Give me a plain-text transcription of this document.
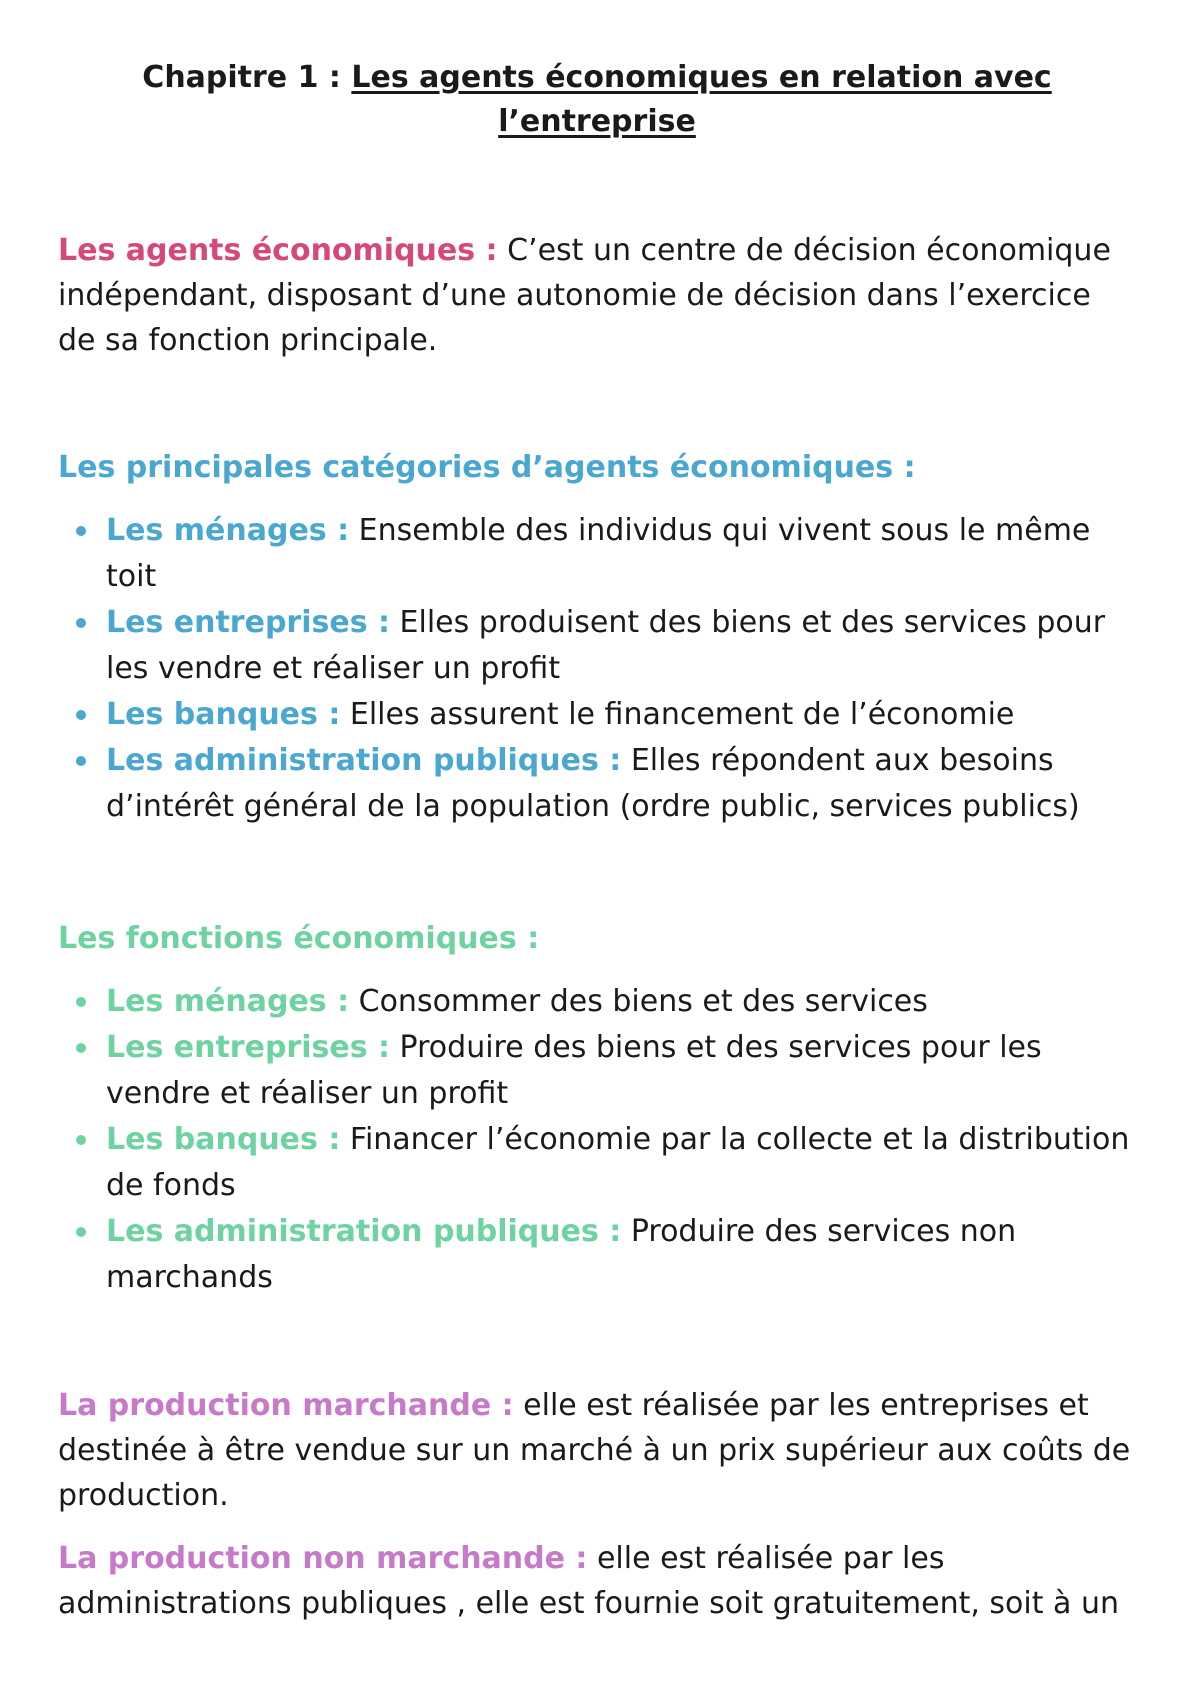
Chapitre 1 : Les agents économiques en relation avec l’entreprise

Les agents économiques : C’est un centre de décision économique indépendant, disposant d’une autonomie de décision dans l’exercice de sa fonction principale.

Les principales catégories d’agents économiques :
Les ménages : Ensemble des individus qui vivent sous le même toit
Les entreprises : Elles produisent des biens et des services pour les vendre et réaliser un profit
Les banques : Elles assurent le financement de l’économie
Les administration publiques : Elles répondent aux besoins d’intérêt général de la population (ordre public, services publics)
Les fonctions économiques :
Les ménages : Consommer des biens et des services
Les entreprises : Produire des biens et des services pour les vendre et réaliser un profit
Les banques : Financer l’économie par la collecte et la distribution de fonds
Les administration publiques : Produire des services non marchands

La production marchande : elle est réalisée par les entreprises et destinée à être vendue sur un marché à un prix supérieur aux coûts de production.

La production non marchande : elle est réalisée par les administrations publiques , elle est fournie soit gratuitement, soit à un
